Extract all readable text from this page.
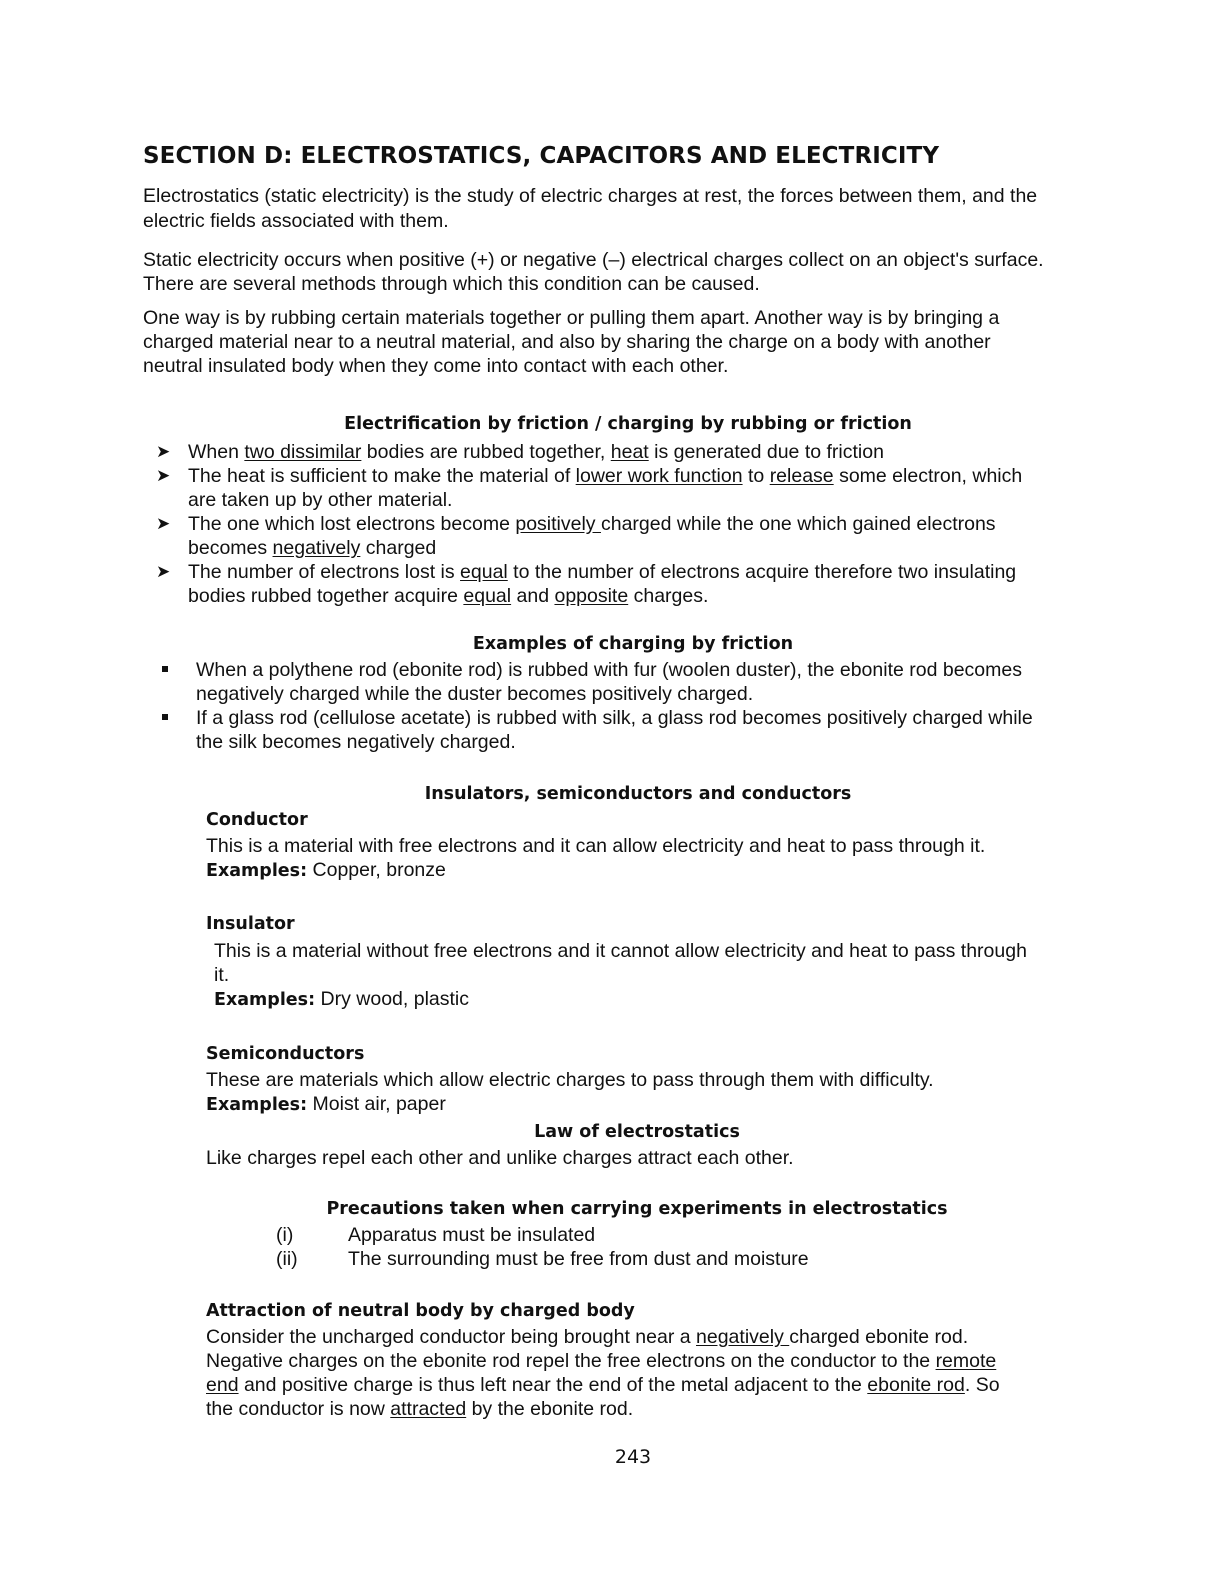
SECTION D: ELECTROSTATICS, CAPACITORS AND ELECTRICITY
Electrostatics (static electricity) is the study of electric charges at rest, the forces between them, and the
electric fields associated with them.
Static electricity occurs when positive (+) or negative (–) electrical charges collect on an object's surface.
There are several methods through which this condition can be caused.
One way is by rubbing certain materials together or pulling them apart. Another way is by bringing a
charged material near to a neutral material, and also by sharing the charge on a body with another
neutral insulated body when they come into contact with each other.
Electrification by friction / charging by rubbing or friction
➤ When two dissimilar bodies are rubbed together, heat is generated due to friction
➤ The heat is sufficient to make the material of lower work function to release some electron, which
are taken up by other material.
➤ The one which lost electrons become positively charged while the one which gained electrons
becomes negatively charged
➤ The number of electrons lost is equal to the number of electrons acquire therefore two insulating
bodies rubbed together acquire equal and opposite charges.
Examples of charging by friction
When a polythene rod (ebonite rod) is rubbed with fur (woolen duster), the ebonite rod becomes
negatively charged while the duster becomes positively charged.
If a glass rod (cellulose acetate) is rubbed with silk, a glass rod becomes positively charged while
the silk becomes negatively charged.
Insulators, semiconductors and conductors
Conductor
This is a material with free electrons and it can allow electricity and heat to pass through it.
Examples: Copper, bronze
Insulator
This is a material without free electrons and it cannot allow electricity and heat to pass through
it.
Examples: Dry wood, plastic
Semiconductors
These are materials which allow electric charges to pass through them with difficulty.
Examples: Moist air, paper
Law of electrostatics
Like charges repel each other and unlike charges attract each other.
Precautions taken when carrying experiments in electrostatics
(i)	Apparatus must be insulated
(ii)	The surrounding must be free from dust and moisture
Attraction of neutral body by charged body
Consider the uncharged conductor being brought near a negatively charged ebonite rod.
Negative charges on the ebonite rod repel the free electrons on the conductor to the remote
end and positive charge is thus left near the end of the metal adjacent to the ebonite rod. So
the conductor is now attracted by the ebonite rod.
243
